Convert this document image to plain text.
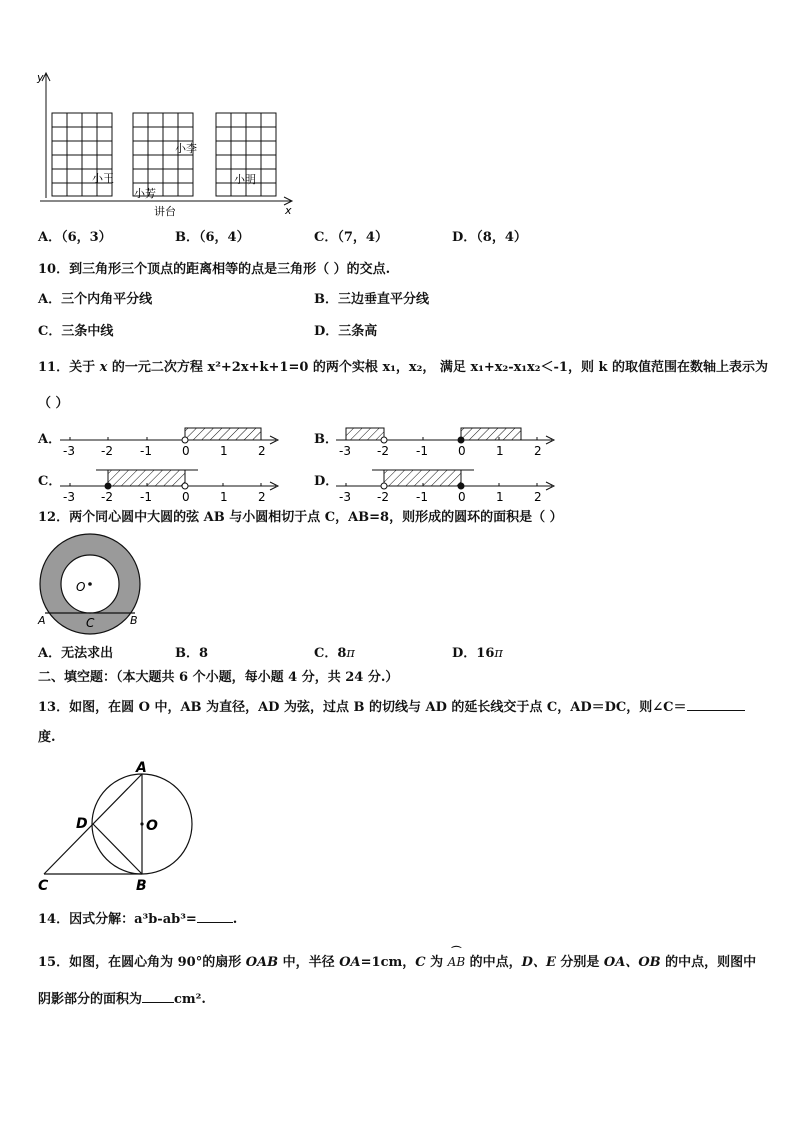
y
x
小王
小芳
小李
小明
讲台
A．（6，3）	B．（6，4）	C．（7，4）	D．（8，4）
10．到三角形三个顶点的距离相等的点是三角形（ ）的交点.
A．三个内角平分线	B．三边垂直平分线
C．三条中线	D．三条高
11．关于 x 的一元二次方程 x²+2x+k+1=0 的两个实根 x₁，x₂， 满足 x₁+x₂-x₁x₂＜-1，则 k 的取值范围在数轴上表示为
（ ）
A．	B．
C．	D．
-3 -2 -1	0	1	2	-3 -2 -1	0	1	2
-3 -2 -1	0	1	2	-3 -2 -1	0	1	2
12．两个同心圆中大圆的弦 AB 与小圆相切于点 C，AB=8，则形成的圆环的面积是（ ）
O
A	C	B
A．无法求出	B．8	C．8π	D．16π
二、填空题：（本大题共 6 个小题，每小题 4 分，共 24 分.）
13．如图，在圆 O 中，AB 为直径，AD 为弦，过点 B 的切线与 AD 的延长线交于点 C，AD＝DC，则∠C＝
度.
A
O
D
C	B
14．因式分解：a³b-ab³=	.
15．如图，在圆心角为 90°的扇形 OAB 中，半径 OA=1cm，C 为
⌒
AB 的中点，D、E 分别是 OA、OB 的中点，则图中
阴影部分的面积为 cm².
